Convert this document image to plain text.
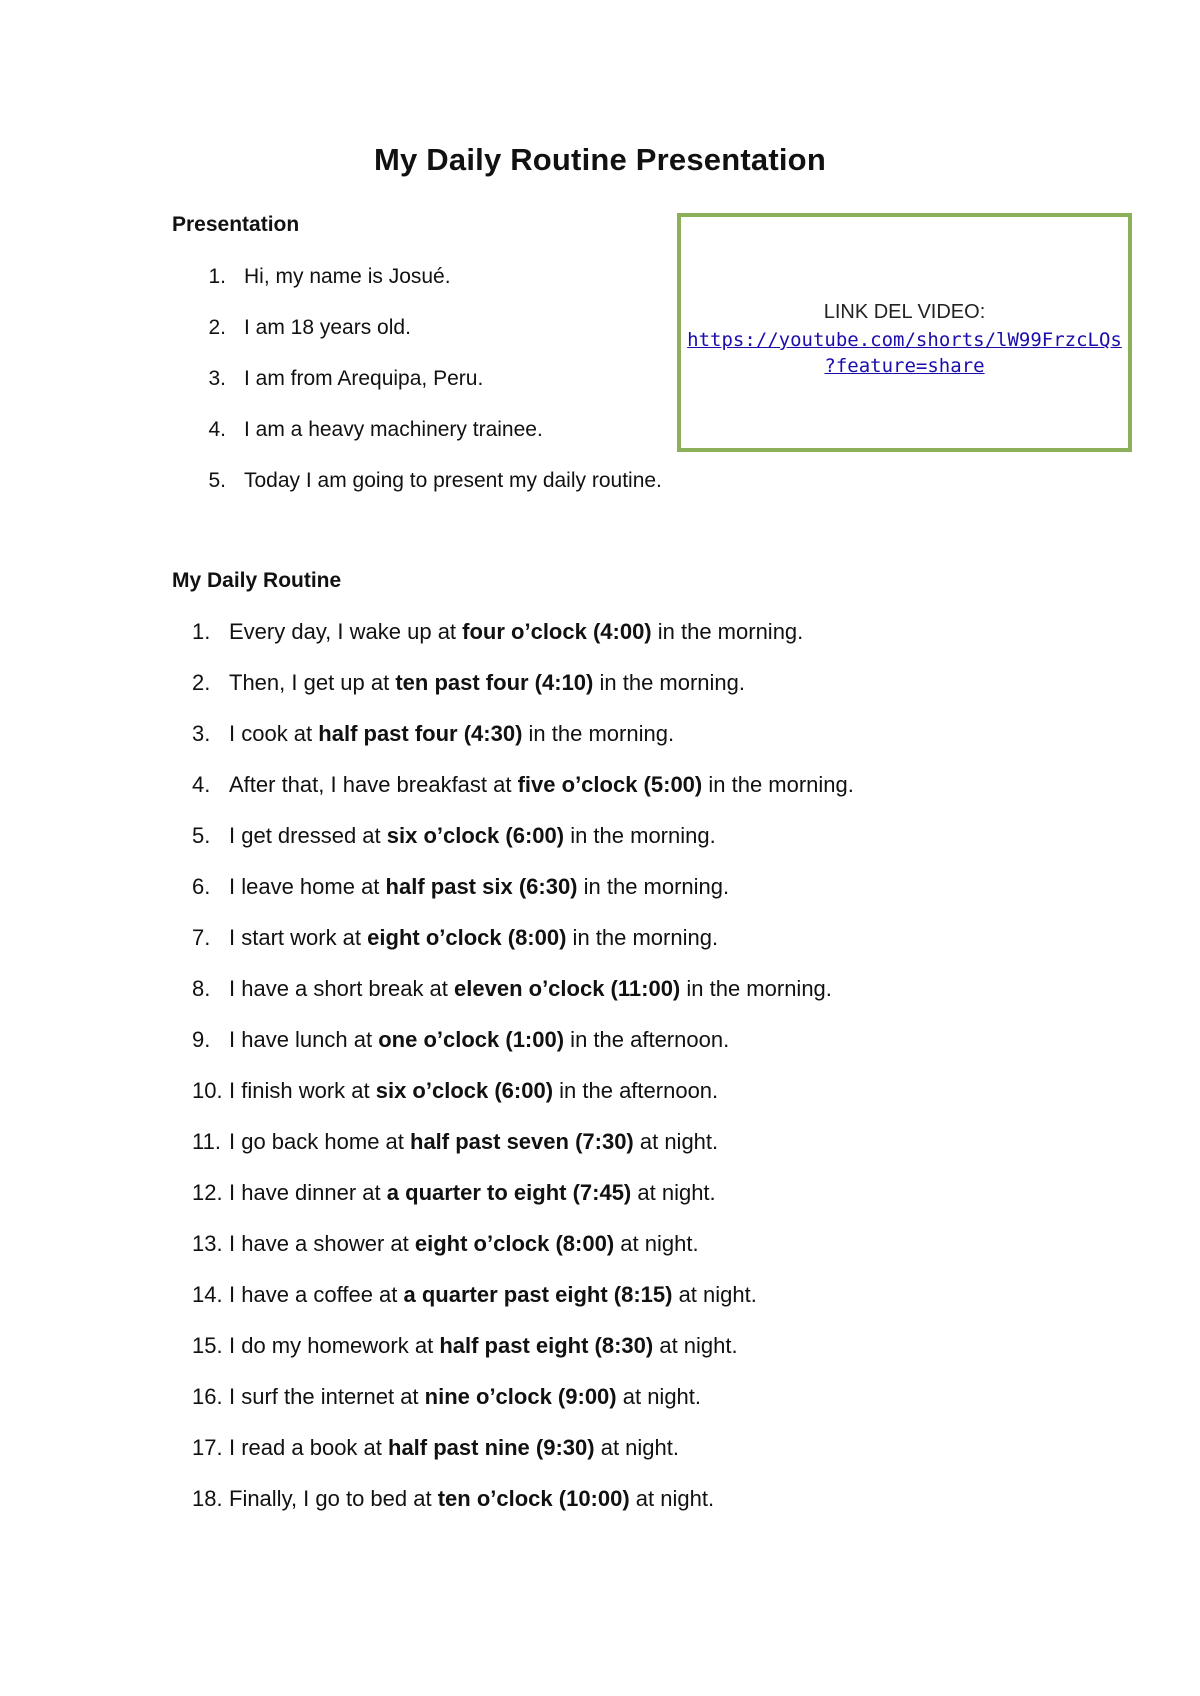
My Daily Routine Presentation
Presentation
1. Hi, my name is Josué.
2. I am 18 years old.
3. I am from Arequipa, Peru.
4. I am a heavy machinery trainee.
5. Today I am going to present my daily routine.
LINK DEL VIDEO:
https://youtube.com/shorts/lW99FrzcLQs
?feature=share
My Daily Routine
1. Every day, I wake up at four o’clock (4:00) in the morning.
2. Then, I get up at ten past four (4:10) in the morning.
3. I cook at half past four (4:30) in the morning.
4. After that, I have breakfast at five o’clock (5:00) in the morning.
5. I get dressed at six o’clock (6:00) in the morning.
6. I leave home at half past six (6:30) in the morning.
7. I start work at eight o’clock (8:00) in the morning.
8. I have a short break at eleven o’clock (11:00) in the morning.
9. I have lunch at one o’clock (1:00) in the afternoon.
10. I finish work at six o’clock (6:00) in the afternoon.
11. I go back home at half past seven (7:30) at night.
12. I have dinner at a quarter to eight (7:45) at night.
13. I have a shower at eight o’clock (8:00) at night.
14. I have a coffee at a quarter past eight (8:15) at night.
15. I do my homework at half past eight (8:30) at night.
16. I surf the internet at nine o’clock (9:00) at night.
17. I read a book at half past nine (9:30) at night.
18. Finally, I go to bed at ten o’clock (10:00) at night.
